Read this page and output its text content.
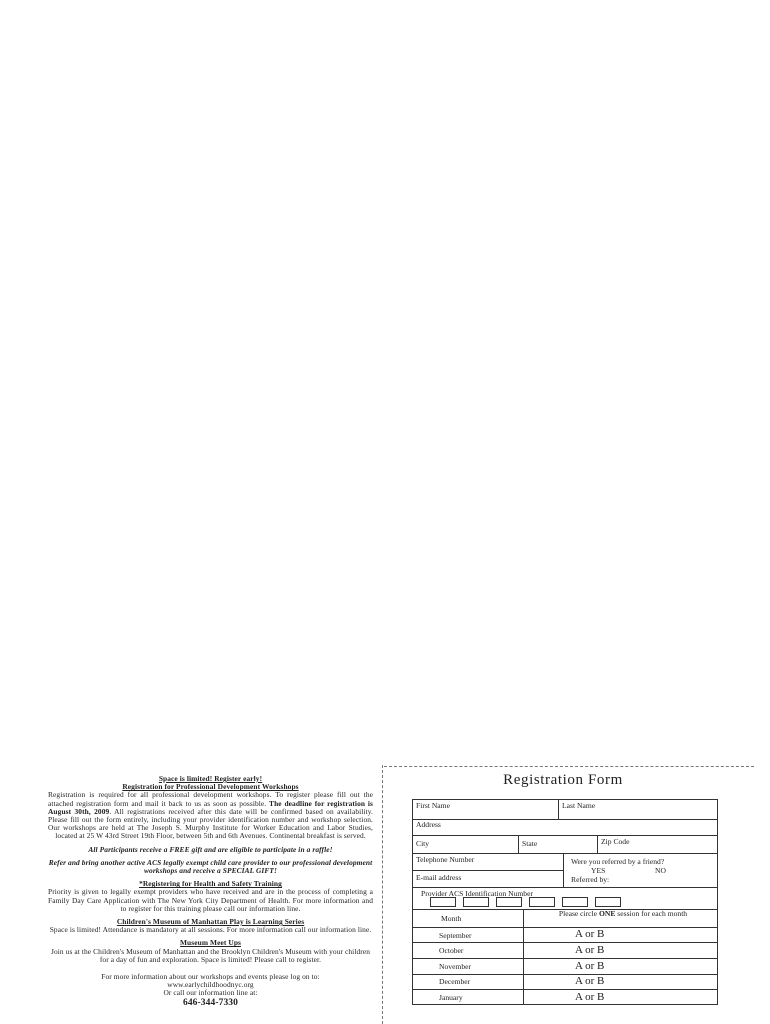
Space is limited! Register early!

Registration for Professional Development Workshops

Registration is required for all professional development workshops. To register please fill out the attached registration form and mail it back to us as soon as possible. The deadline for registration is August 30th, 2009. All registrations received after this date will be confirmed based on availability. Please fill out the form entirely, including your provider identification number and workshop selection. Our workshops are held at The Joseph S. Murphy Institute for Worker Education and Labor Studies, located at 25 W 43rd Street 19th Floor, between 5th and 6th Avenues. Continental breakfast is served.

All Participants receive a FREE gift and are eligible to participate in a raffle!

Refer and bring another active ACS legally exempt child care provider to our professional development workshops and receive a SPECIAL GIFT!

*Registering for Health and Safety Training

Priority is given to legally exempt providers who have received and are in the process of completing a Family Day Care Application with The New York City Department of Health. For more information and to register for this training please call our information line.

Children's Museum of Manhattan Play is Learning Series

Space is limited! Attendance is mandatory at all sessions. For more information call our information line.

Museum Meet Ups

Join us at the Children's Museum of Manhattan and the Brooklyn Children's Museum with your children for a day of fun and exploration. Space is limited! Please call to register.

For more information about our workshops and events please log on to:

www.earlychildhoodnyc.org

Or call our information line at:

646-344-7330

Registration Form
First Name	Last Name
Address
City	State	Zip Code
Telephone Number	Were you referred by a friend?
YES	NO
E-mail address	Referred by:
Provider ACS Identification Number
Month
Please circle ONE session for each month
September	A or B
October	A or B
November	A or B
December	A or B
January	A or B
